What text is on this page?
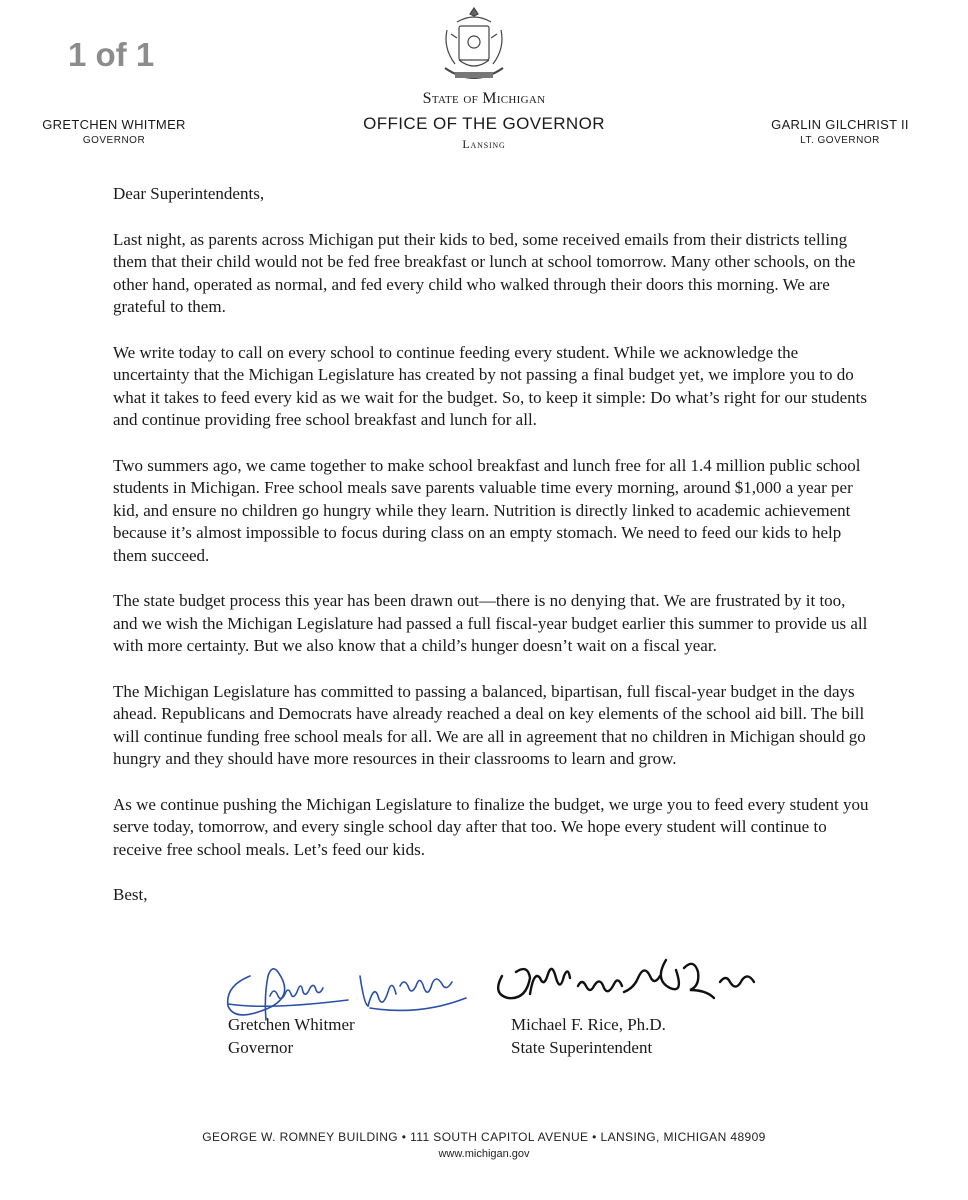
1 of 1
State of Michigan
OFFICE OF THE GOVERNOR
Lansing
GRETCHEN WHITMER
GOVERNOR
GARLIN GILCHRIST II
LT. GOVERNOR

Dear Superintendents,

Last night, as parents across Michigan put their kids to bed, some received emails from their districts telling them that their child would not be fed free breakfast or lunch at school tomorrow. Many other schools, on the other hand, operated as normal, and fed every child who walked through their doors this morning. We are grateful to them.

We write today to call on every school to continue feeding every student. While we acknowledge the uncertainty that the Michigan Legislature has created by not passing a final budget yet, we implore you to do what it takes to feed every kid as we wait for the budget. So, to keep it simple: Do what’s right for our students and continue providing free school breakfast and lunch for all.

Two summers ago, we came together to make school breakfast and lunch free for all 1.4 million public school students in Michigan. Free school meals save parents valuable time every morning, around $1,000 a year per kid, and ensure no children go hungry while they learn. Nutrition is directly linked to academic achievement because it’s almost impossible to focus during class on an empty stomach. We need to feed our kids to help them succeed.

The state budget process this year has been drawn out—there is no denying that. We are frustrated by it too, and we wish the Michigan Legislature had passed a full fiscal-year budget earlier this summer to provide us all with more certainty. But we also know that a child’s hunger doesn’t wait on a fiscal year.

The Michigan Legislature has committed to passing a balanced, bipartisan, full fiscal-year budget in the days ahead. Republicans and Democrats have already reached a deal on key elements of the school aid bill. The bill will continue funding free school meals for all. We are all in agreement that no children in Michigan should go hungry and they should have more resources in their classrooms to learn and grow.

As we continue pushing the Michigan Legislature to finalize the budget, we urge you to feed every student you serve today, tomorrow, and every single school day after that too. We hope every student will continue to receive free school meals. Let’s feed our kids.

Best,

Gretchen Whitmer
Governor
Michael F. Rice, Ph.D.
State Superintendent
GEORGE W. ROMNEY BUILDING • 111 SOUTH CAPITOL AVENUE • LANSING, MICHIGAN 48909
www.michigan.gov
